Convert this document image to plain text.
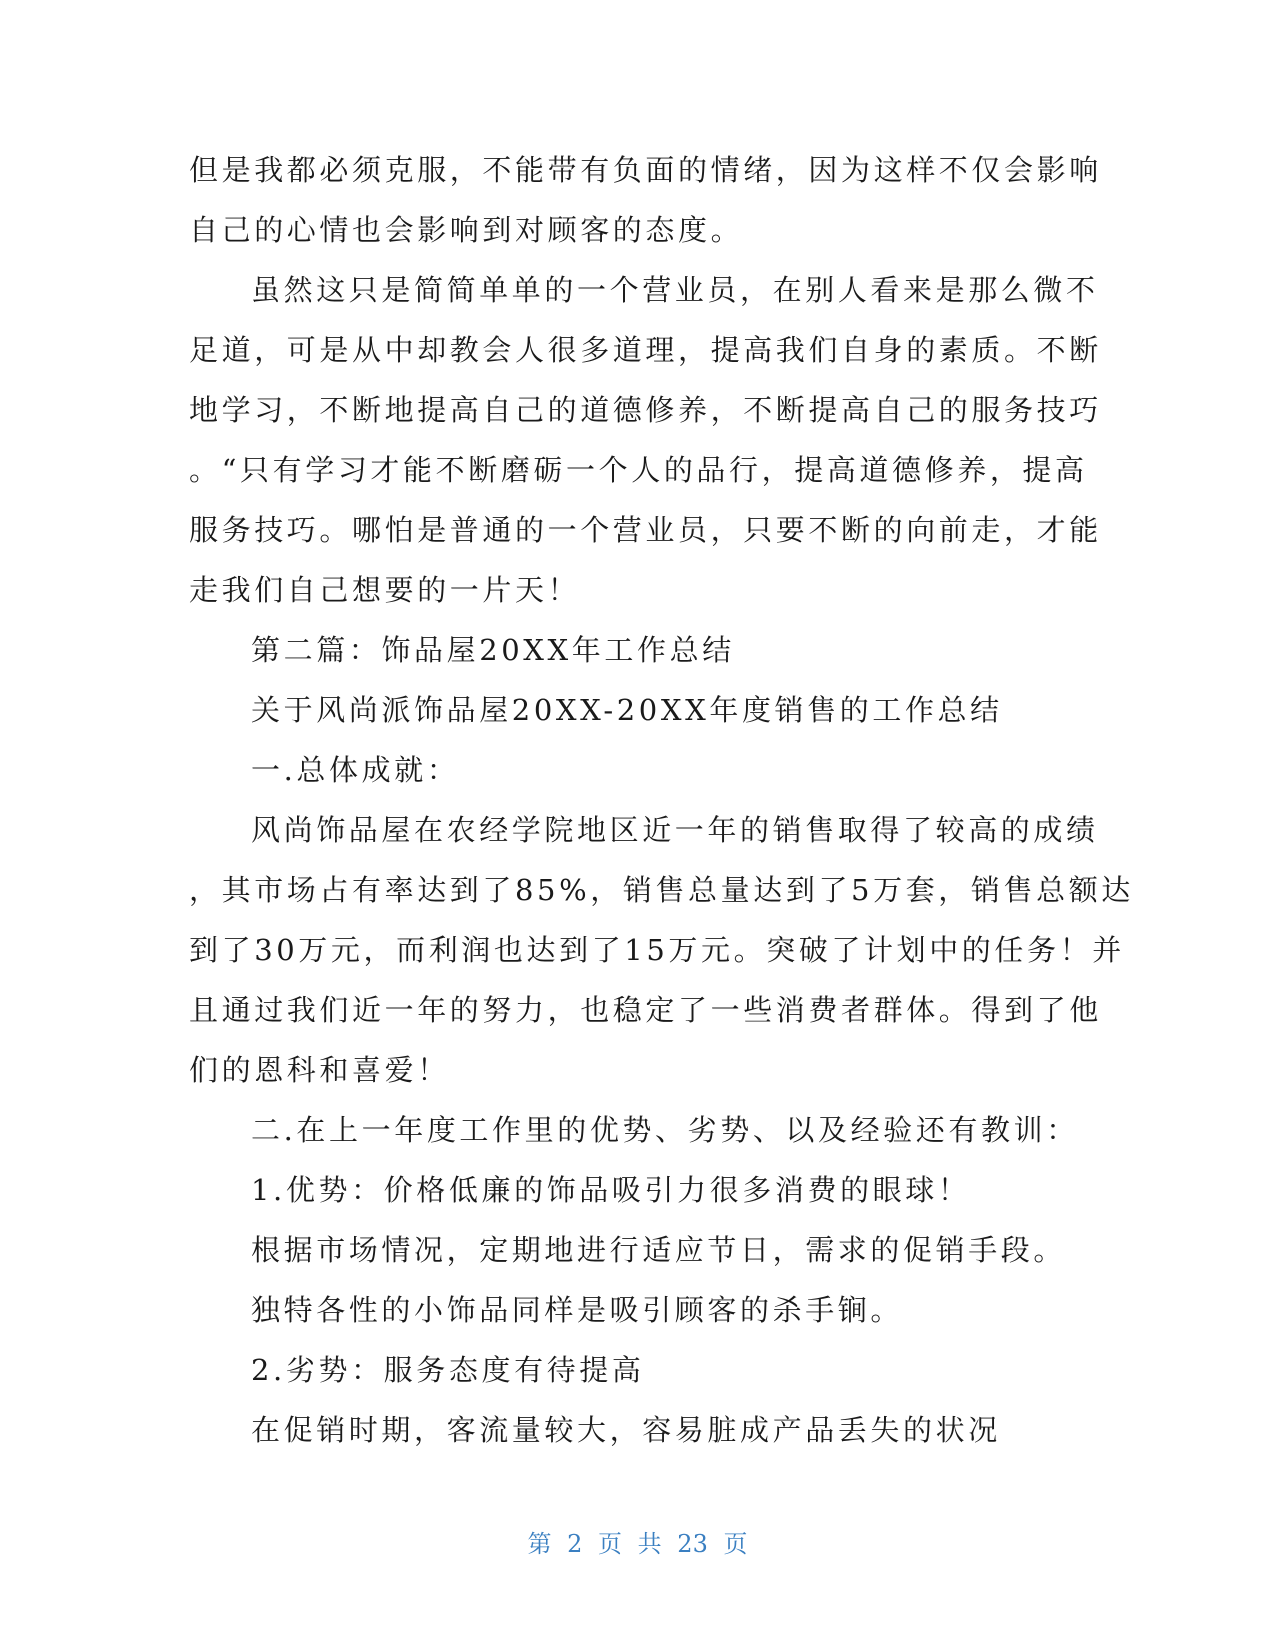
但是我都必须克服，不能带有负面的情绪，因为这样不仅会影响
自己的心情也会影响到对顾客的态度。
虽然这只是简简单单的一个营业员，在别人看来是那么微不
足道，可是从中却教会人很多道理，提高我们自身的素质。不断
地学习，不断地提高自己的道德修养，不断提高自己的服务技巧
。“只有学习才能不断磨砺一个人的品行，提高道德修养，提高
服务技巧。哪怕是普通的一个营业员，只要不断的向前走，才能
走我们自己想要的一片天！
第二篇：饰品屋20XX年工作总结
关于风尚派饰品屋20XX-20XX年度销售的工作总结
一.总体成就：
风尚饰品屋在农经学院地区近一年的销售取得了较高的成绩
，其市场占有率达到了85%，销售总量达到了5万套，销售总额达
到了30万元，而利润也达到了15万元。突破了计划中的任务！并
且通过我们近一年的努力，也稳定了一些消费者群体。得到了他
们的恩科和喜爱！
二.在上一年度工作里的优势、劣势、以及经验还有教训：
1.优势：价格低廉的饰品吸引力很多消费的眼球！
根据市场情况，定期地进行适应节日，需求的促销手段。
独特各性的小饰品同样是吸引顾客的杀手锏。
2.劣势：服务态度有待提高
在促销时期，客流量较大，容易脏成产品丢失的状况
第 2 页 共 23 页
